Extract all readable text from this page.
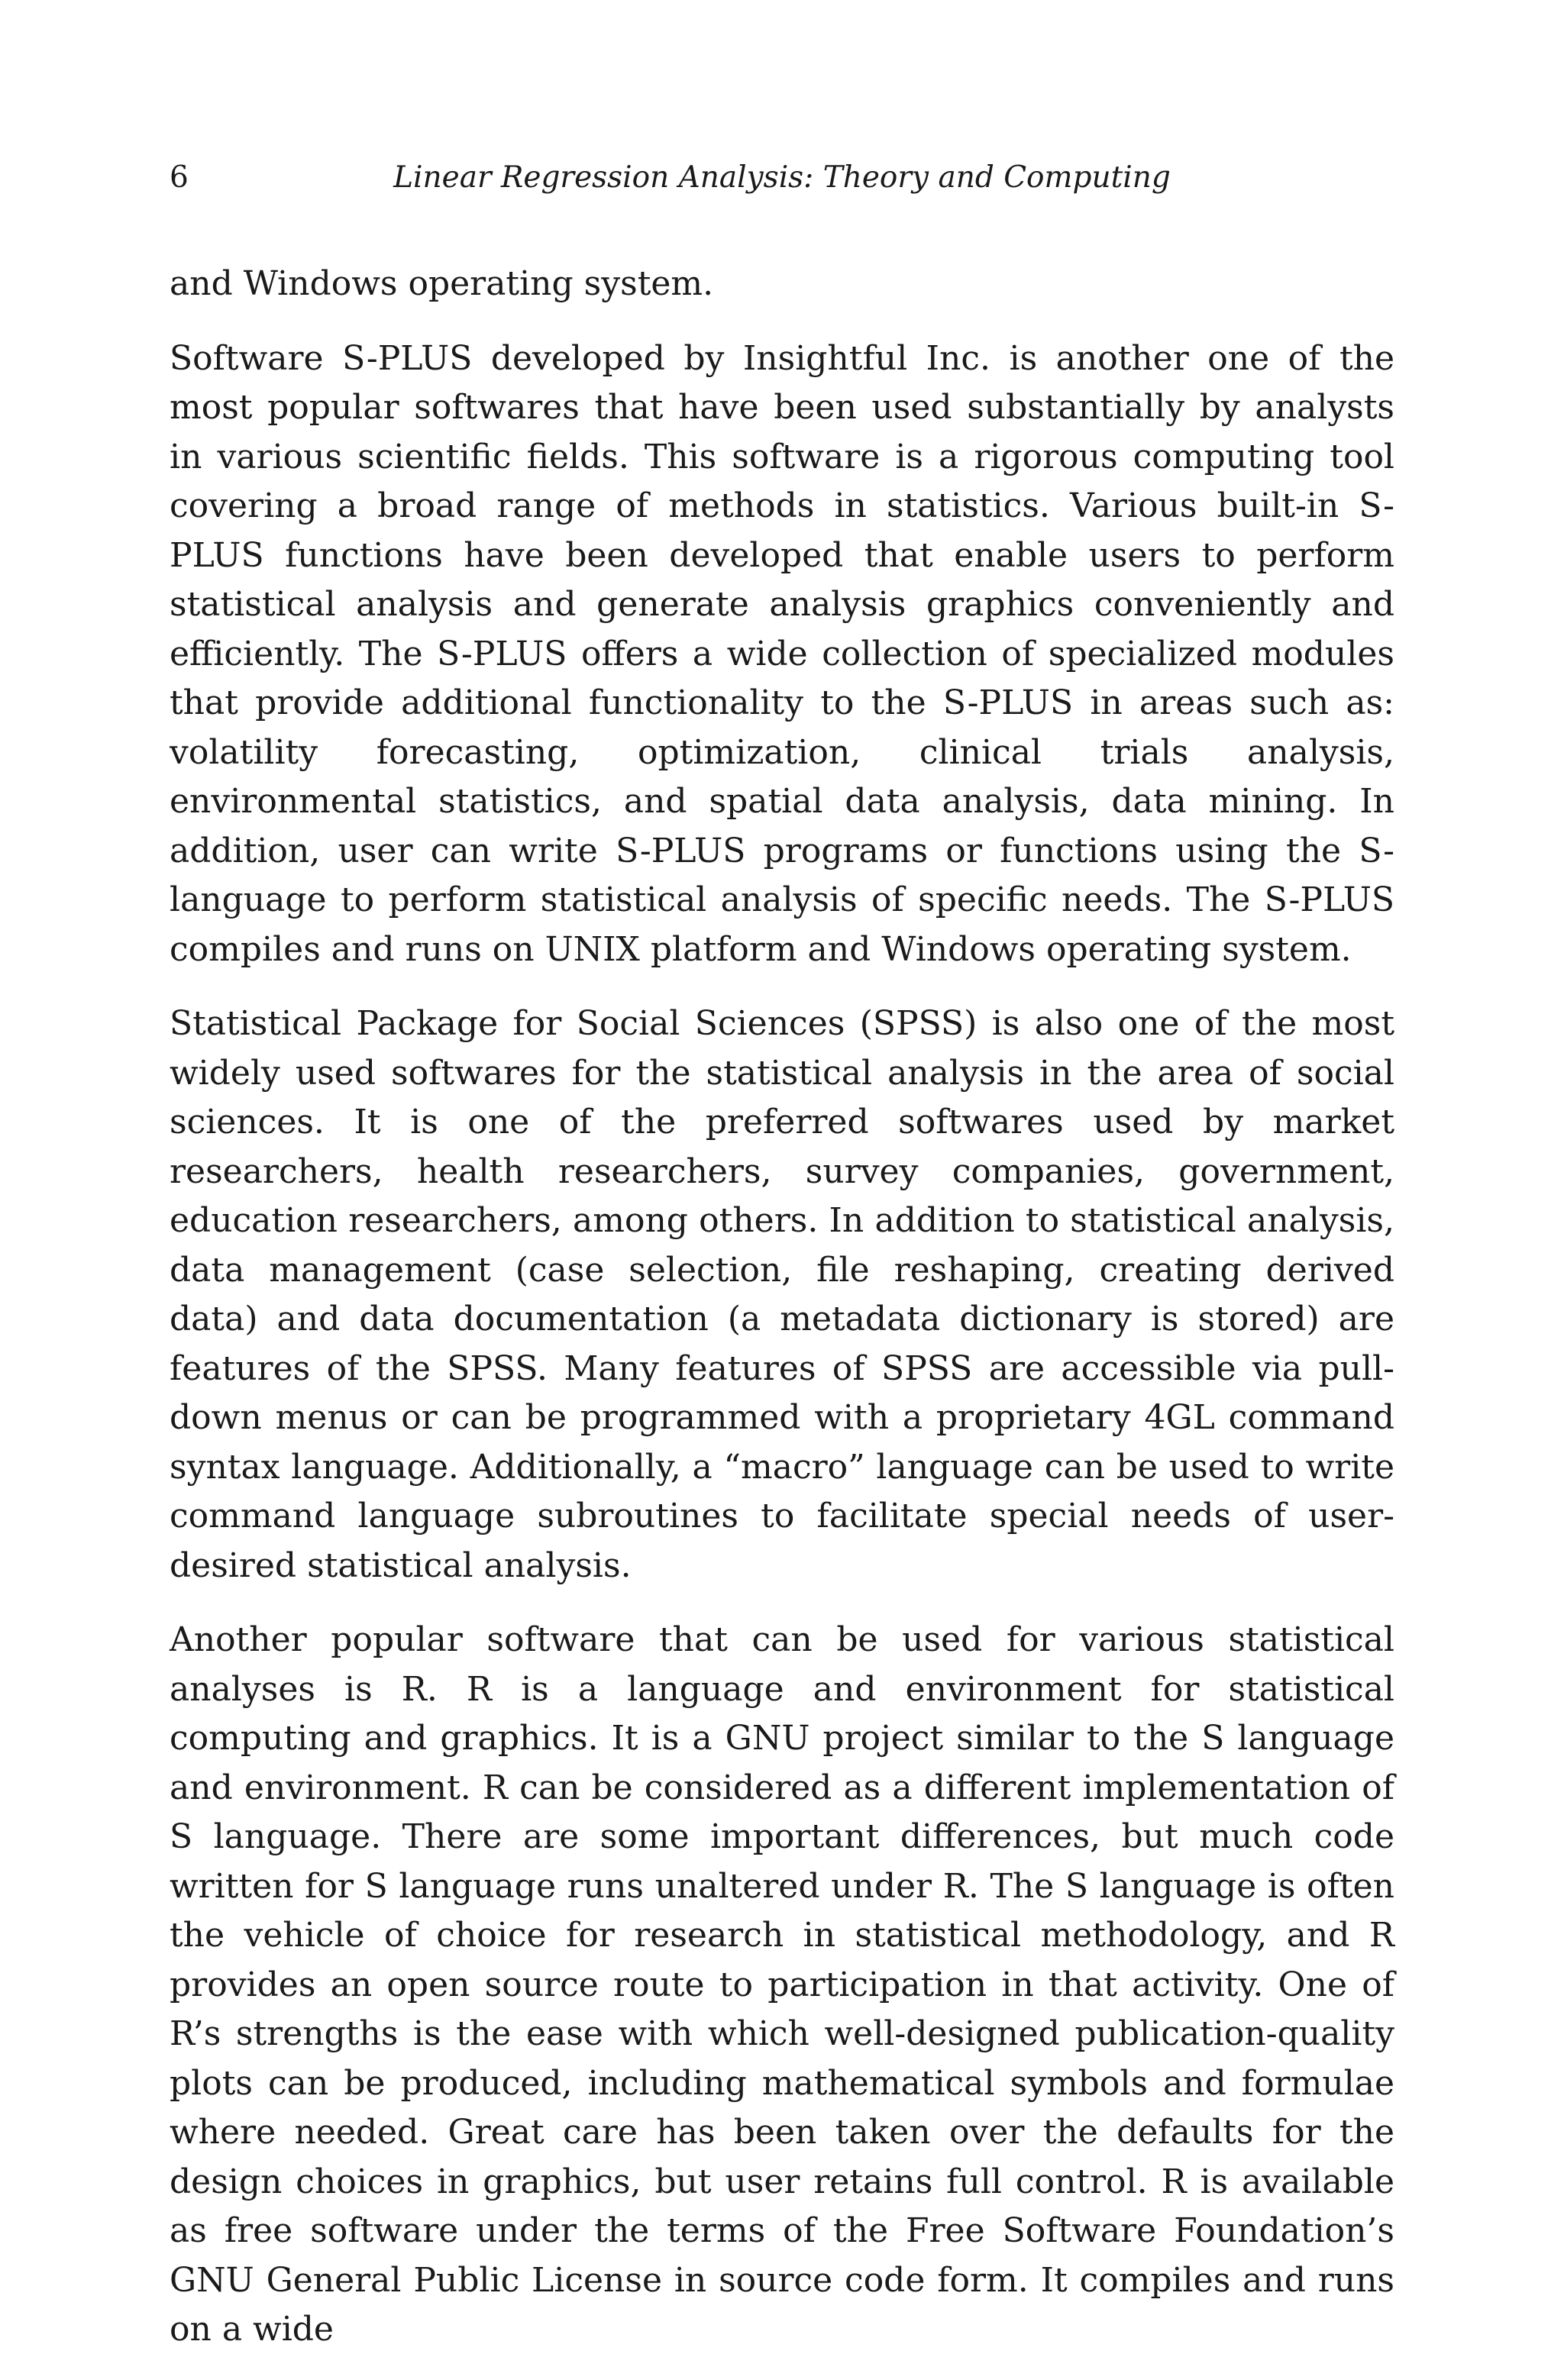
6	Linear Regression Analysis: Theory and Computing

and Windows operating system.

Software S-PLUS developed by Insightful Inc. is another one of the most popular softwares that have been used substantially by analysts in various scientific fields. This software is a rigorous computing tool covering a broad range of methods in statistics. Various built-in S-PLUS functions have been developed that enable users to perform statistical analysis and generate analysis graphics conveniently and efficiently. The S-PLUS offers a wide collection of specialized modules that provide additional functionality to the S-PLUS in areas such as: volatility forecasting, optimization, clinical trials analysis, environmental statistics, and spatial data analysis, data mining. In addition, user can write S-PLUS programs or functions using the S-language to perform statistical analysis of specific needs. The S-PLUS compiles and runs on UNIX platform and Windows operating system.

Statistical Package for Social Sciences (SPSS) is also one of the most widely used softwares for the statistical analysis in the area of social sciences. It is one of the preferred softwares used by market researchers, health researchers, survey companies, government, education researchers, among others. In addition to statistical analysis, data management (case selection, file reshaping, creating derived data) and data documentation (a metadata dictionary is stored) are features of the SPSS. Many features of SPSS are accessible via pull-down menus or can be programmed with a proprietary 4GL command syntax language. Additionally, a “macro” language can be used to write command language subroutines to facilitate special needs of user-desired statistical analysis.

Another popular software that can be used for various statistical analyses is R. R is a language and environment for statistical computing and graphics. It is a GNU project similar to the S language and environment. R can be considered as a different implementation of S language. There are some important differences, but much code written for S language runs unaltered under R. The S language is often the vehicle of choice for research in statistical methodology, and R provides an open source route to participation in that activity. One of R’s strengths is the ease with which well-designed publication-quality plots can be produced, including mathematical symbols and formulae where needed. Great care has been taken over the defaults for the design choices in graphics, but user retains full control. R is available as free software under the terms of the Free Software Foundation’s GNU General Public License in source code form. It compiles and runs on a wide
